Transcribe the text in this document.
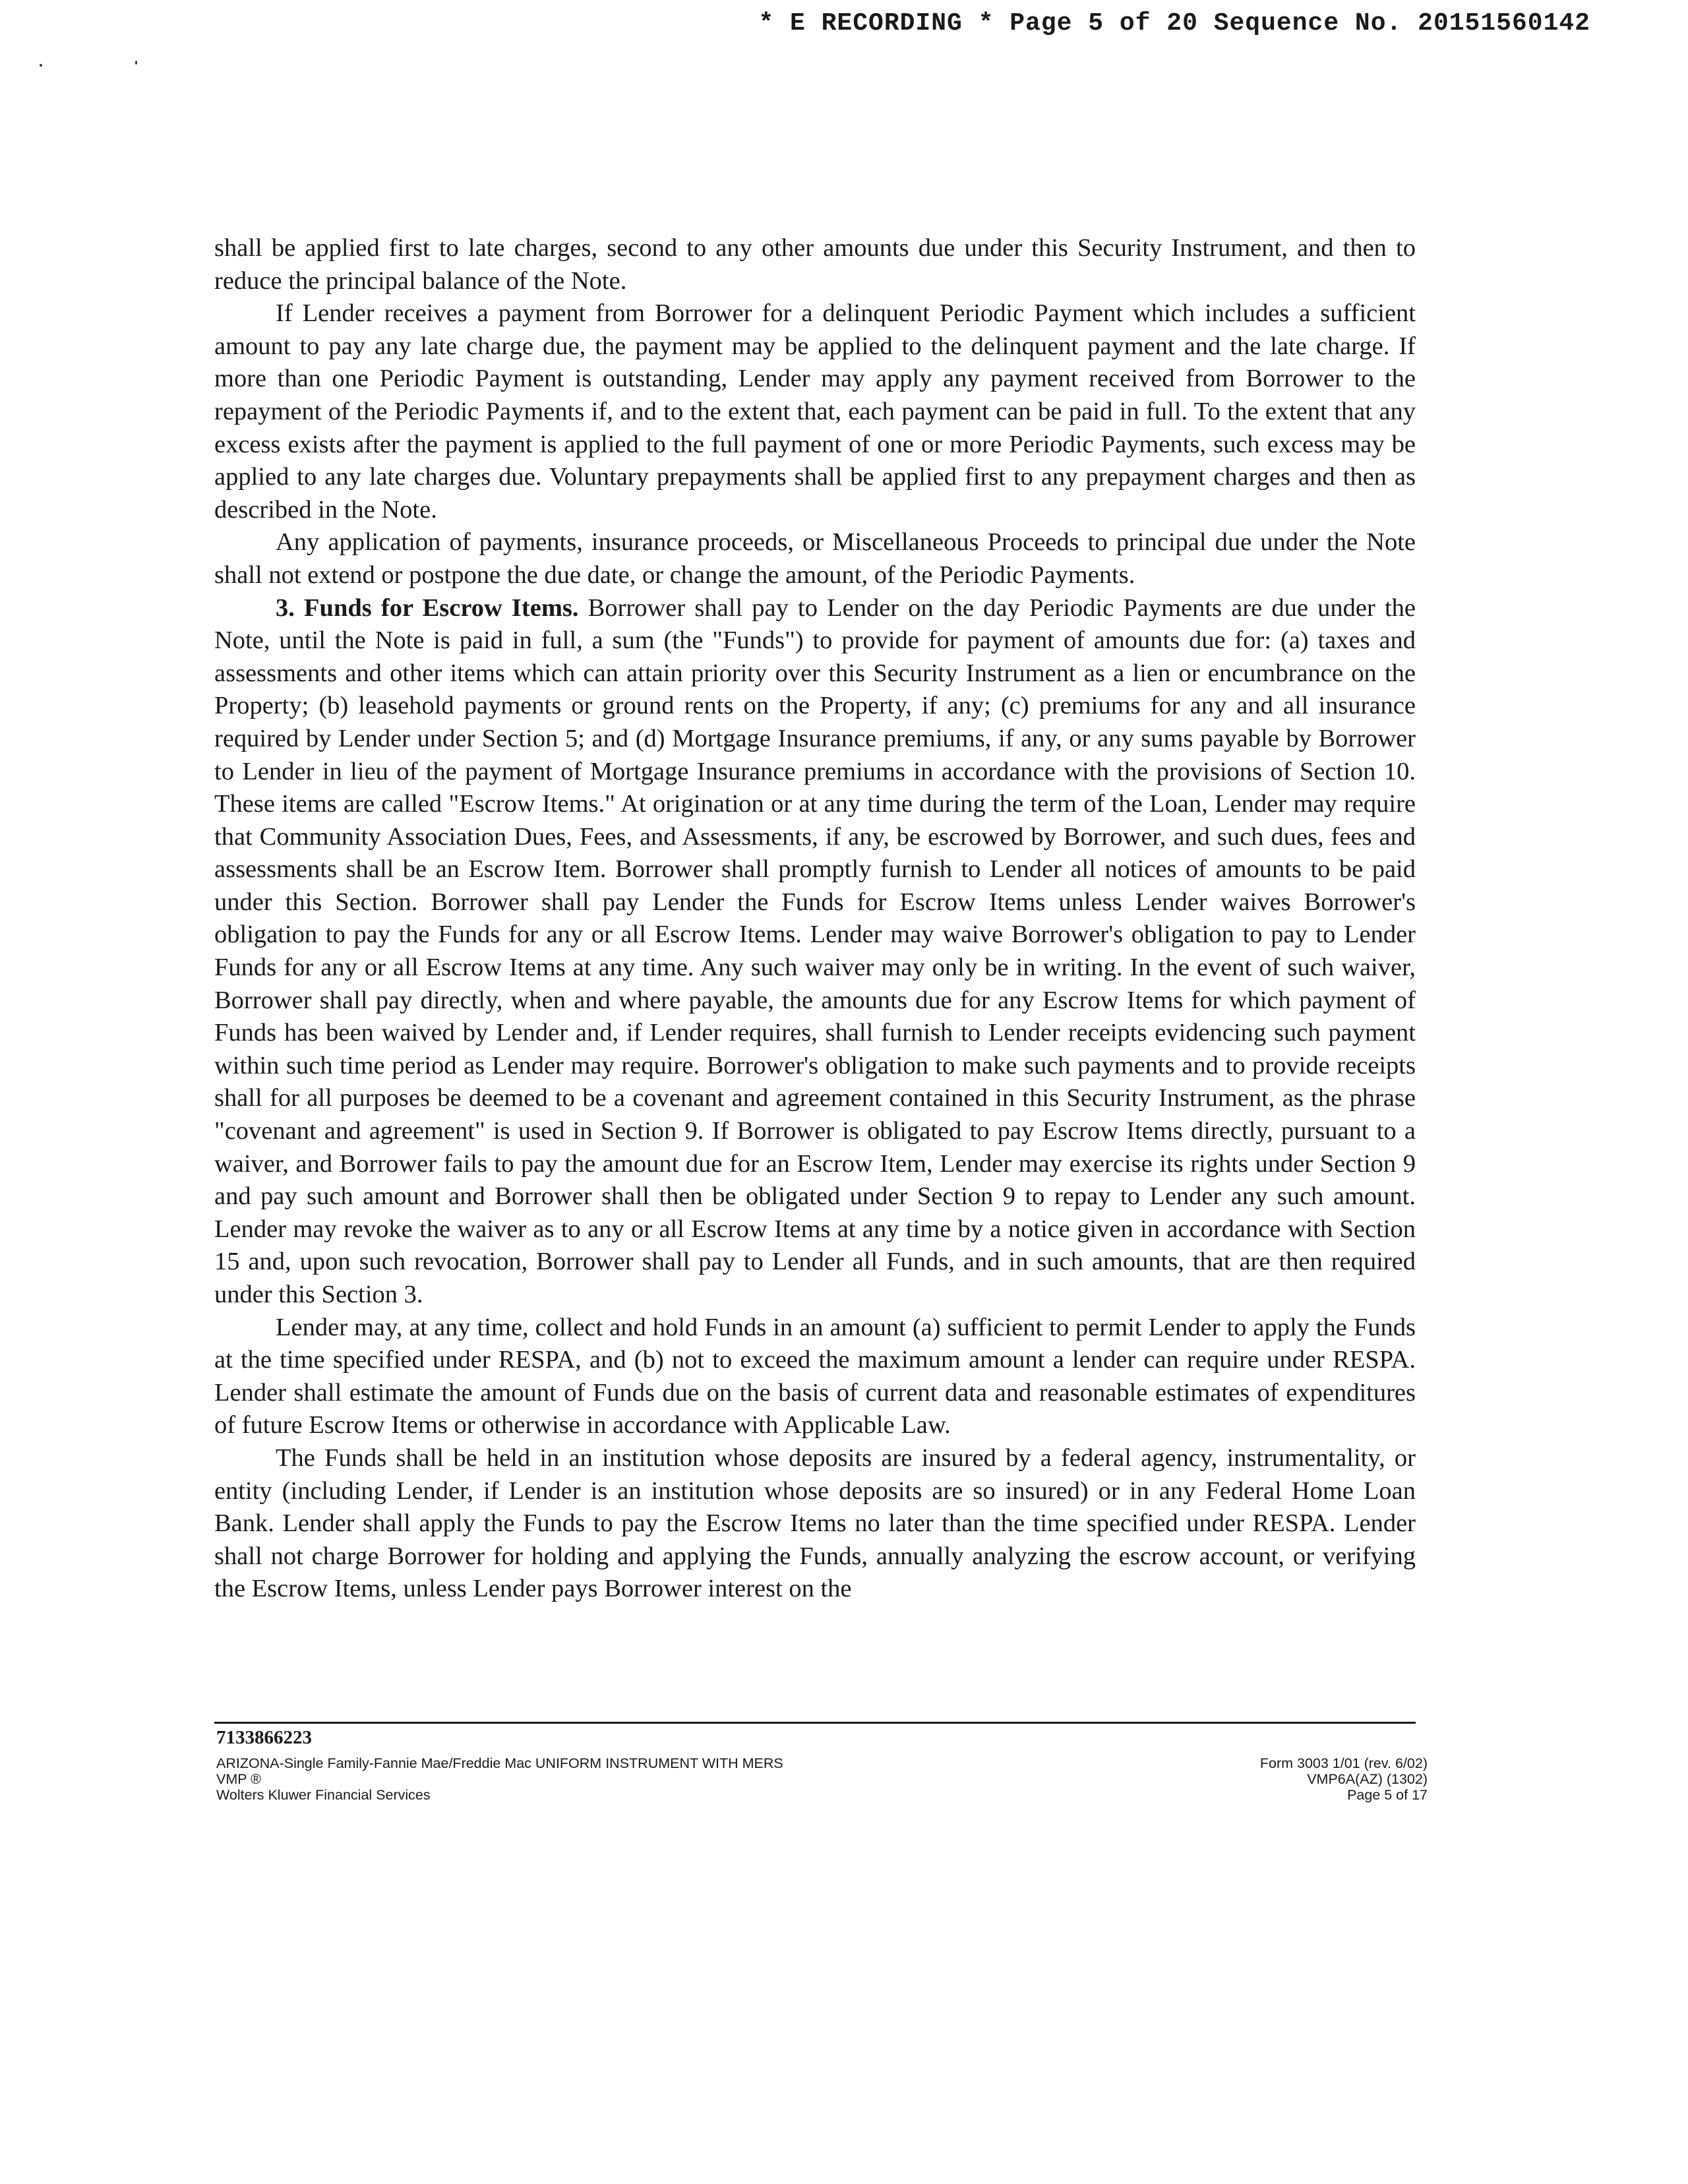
* E RECORDING * Page 5 of 20 Sequence No. 20151560142

shall be applied first to late charges, second to any other amounts due under this Security Instrument, and then to reduce the principal balance of the Note.

If Lender receives a payment from Borrower for a delinquent Periodic Payment which includes a sufficient amount to pay any late charge due, the payment may be applied to the delinquent payment and the late charge. If more than one Periodic Payment is outstanding, Lender may apply any payment received from Borrower to the repayment of the Periodic Payments if, and to the extent that, each payment can be paid in full. To the extent that any excess exists after the payment is applied to the full payment of one or more Periodic Payments, such excess may be applied to any late charges due. Voluntary prepayments shall be applied first to any prepayment charges and then as described in the Note.

Any application of payments, insurance proceeds, or Miscellaneous Proceeds to principal due under the Note shall not extend or postpone the due date, or change the amount, of the Periodic Payments.

3. Funds for Escrow Items. Borrower shall pay to Lender on the day Periodic Payments are due under the Note, until the Note is paid in full, a sum (the "Funds") to provide for payment of amounts due for: (a) taxes and assessments and other items which can attain priority over this Security Instrument as a lien or encumbrance on the Property; (b) leasehold payments or ground rents on the Property, if any; (c) premiums for any and all insurance required by Lender under Section 5; and (d) Mortgage Insurance premiums, if any, or any sums payable by Borrower to Lender in lieu of the payment of Mortgage Insurance premiums in accordance with the provisions of Section 10. These items are called "Escrow Items." At origination or at any time during the term of the Loan, Lender may require that Community Association Dues, Fees, and Assessments, if any, be escrowed by Borrower, and such dues, fees and assessments shall be an Escrow Item. Borrower shall promptly furnish to Lender all notices of amounts to be paid under this Section. Borrower shall pay Lender the Funds for Escrow Items unless Lender waives Borrower's obligation to pay the Funds for any or all Escrow Items. Lender may waive Borrower's obligation to pay to Lender Funds for any or all Escrow Items at any time. Any such waiver may only be in writing. In the event of such waiver, Borrower shall pay directly, when and where payable, the amounts due for any Escrow Items for which payment of Funds has been waived by Lender and, if Lender requires, shall furnish to Lender receipts evidencing such payment within such time period as Lender may require. Borrower's obligation to make such payments and to provide receipts shall for all purposes be deemed to be a covenant and agreement contained in this Security Instrument, as the phrase "covenant and agreement" is used in Section 9. If Borrower is obligated to pay Escrow Items directly, pursuant to a waiver, and Borrower fails to pay the amount due for an Escrow Item, Lender may exercise its rights under Section 9 and pay such amount and Borrower shall then be obligated under Section 9 to repay to Lender any such amount. Lender may revoke the waiver as to any or all Escrow Items at any time by a notice given in accordance with Section 15 and, upon such revocation, Borrower shall pay to Lender all Funds, and in such amounts, that are then required under this Section 3.

Lender may, at any time, collect and hold Funds in an amount (a) sufficient to permit Lender to apply the Funds at the time specified under RESPA, and (b) not to exceed the maximum amount a lender can require under RESPA. Lender shall estimate the amount of Funds due on the basis of current data and reasonable estimates of expenditures of future Escrow Items or otherwise in accordance with Applicable Law.

The Funds shall be held in an institution whose deposits are insured by a federal agency, instrumentality, or entity (including Lender, if Lender is an institution whose deposits are so insured) or in any Federal Home Loan Bank. Lender shall apply the Funds to pay the Escrow Items no later than the time specified under RESPA. Lender shall not charge Borrower for holding and applying the Funds, annually analyzing the escrow account, or verifying the Escrow Items, unless Lender pays Borrower interest on the

7133866223
ARIZONA-Single Family-Fannie Mae/Freddie Mac UNIFORM INSTRUMENT WITH MERS
VMP ®
Wolters Kluwer Financial Services
Form 3003 1/01 (rev. 6/02)
VMP6A(AZ) (1302)
Page 5 of 17
